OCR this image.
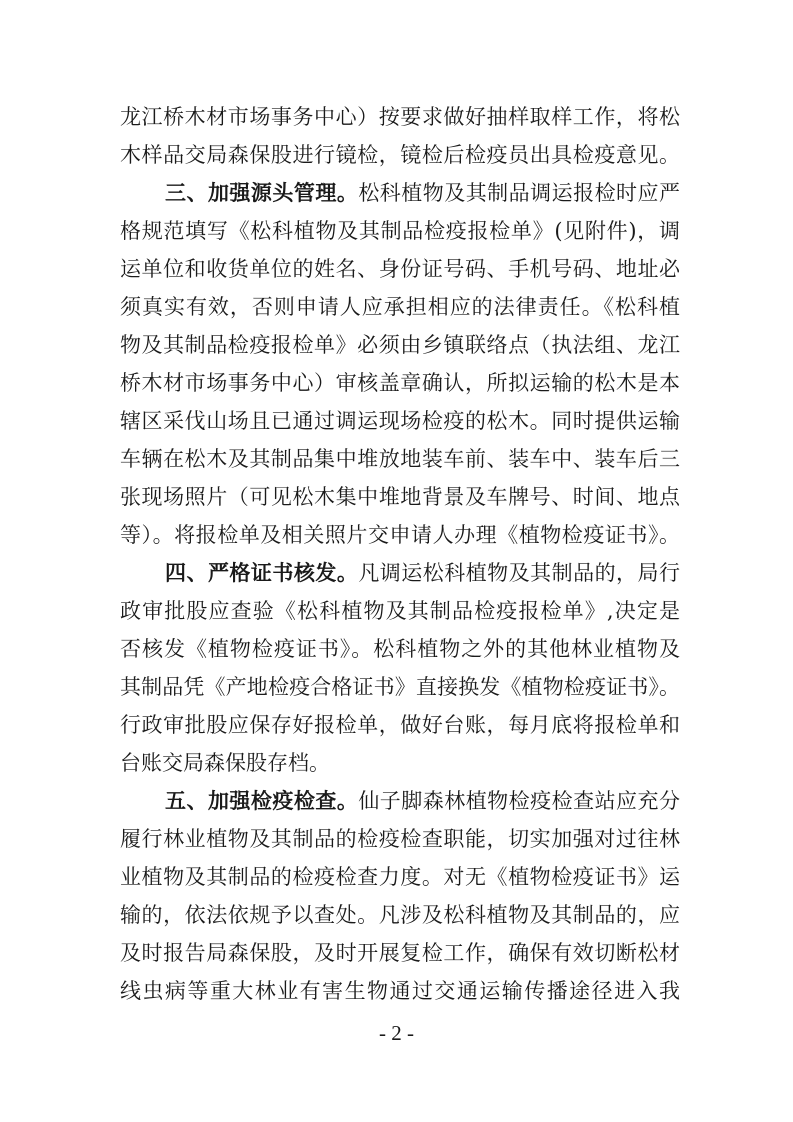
龙江桥木材市场事务中心）按要求做好抽样取样工作，将松
木样品交局森保股进行镜检，镜检后检疫员出具检疫意见。
三、加强源头管理。松科植物及其制品调运报检时应严
格规范填写《松科植物及其制品检疫报检单》(见附件)，调
运单位和收货单位的姓名、身份证号码、手机号码、地址必
须真实有效，否则申请人应承担相应的法律责任。《松科植
物及其制品检疫报检单》必须由乡镇联络点（执法组、龙江
桥木材市场事务中心）审核盖章确认，所拟运输的松木是本
辖区采伐山场且已通过调运现场检疫的松木。同时提供运输
车辆在松木及其制品集中堆放地装车前、装车中、装车后三
张现场照片（可见松木集中堆地背景及车牌号、时间、地点
等）。将报检单及相关照片交申请人办理《植物检疫证书》。
四、严格证书核发。凡调运松科植物及其制品的，局行
政审批股应查验《松科植物及其制品检疫报检单》,决定是
否核发《植物检疫证书》。松科植物之外的其他林业植物及
其制品凭《产地检疫合格证书》直接换发《植物检疫证书》。
行政审批股应保存好报检单，做好台账，每月底将报检单和
台账交局森保股存档。
五、加强检疫检查。仙子脚森林植物检疫检查站应充分
履行林业植物及其制品的检疫检查职能，切实加强对过往林
业植物及其制品的检疫检查力度。对无《植物检疫证书》运
输的，依法依规予以查处。凡涉及松科植物及其制品的，应
及时报告局森保股，及时开展复检工作，确保有效切断松材
线虫病等重大林业有害生物通过交通运输传播途径进入我
- 2 -
